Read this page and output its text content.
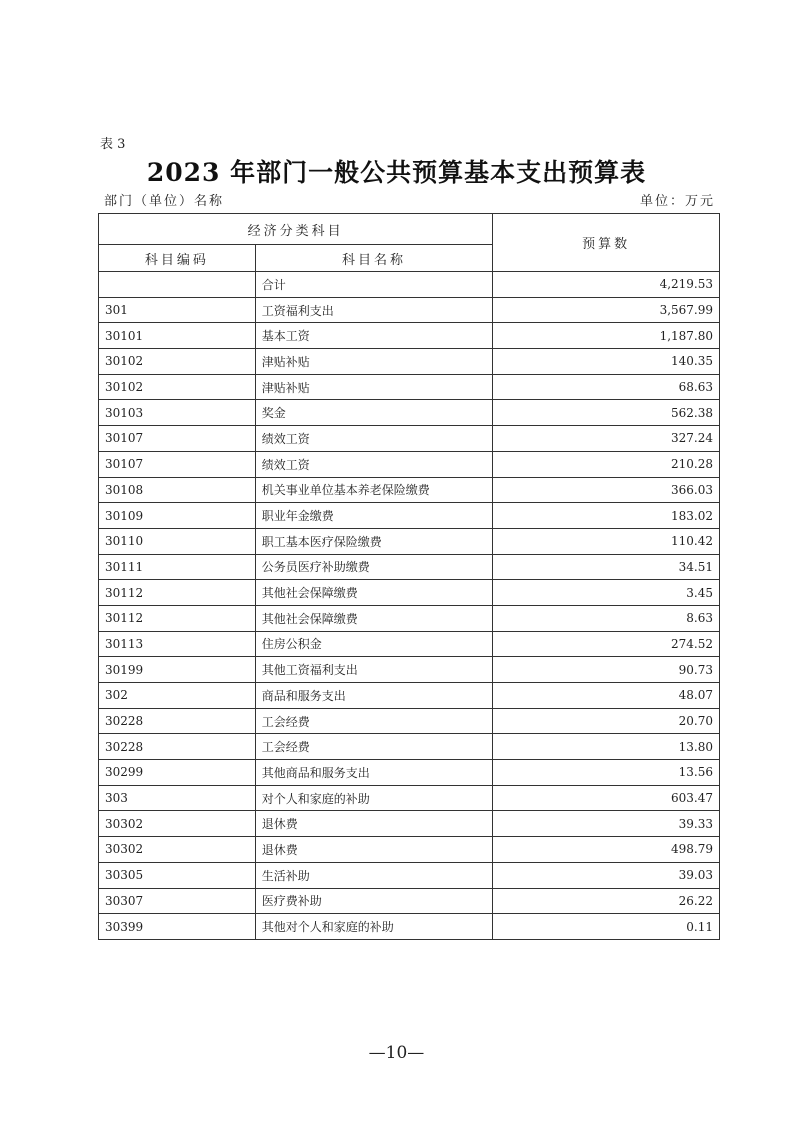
表 3
2023 年部门一般公共预算基本支出预算表
部门（单位）名称	单位：万元
经济分类科目		预算数
科目编码	科目名称	
	合计	4,219.53
301	工资福利支出	3,567.99
30101	基本工资	1,187.80
30102	津贴补贴	140.35
30102	津贴补贴	68.63
30103	奖金	562.38
30107	绩效工资	327.24
30107	绩效工资	210.28
30108	机关事业单位基本养老保险缴费	366.03
30109	职业年金缴费	183.02
30110	职工基本医疗保险缴费	110.42
30111	公务员医疗补助缴费	34.51
30112	其他社会保障缴费	3.45
30112	其他社会保障缴费	8.63
30113	住房公积金	274.52
30199	其他工资福利支出	90.73
302	商品和服务支出	48.07
30228	工会经费	20.70
30228	工会经费	13.80
30299	其他商品和服务支出	13.56
303	对个人和家庭的补助	603.47
30302	退休费	39.33
30302	退休费	498.79
30305	生活补助	39.03
30307	医疗费补助	26.22
30399	其他对个人和家庭的补助	0.11
—10—
